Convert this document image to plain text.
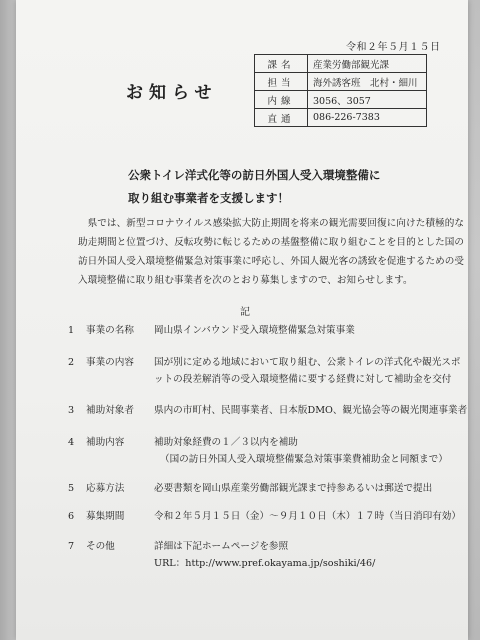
令和２年５月１５日
お知らせ
課名	産業労働部観光課
担当	海外誘客班　北村・細川
内線	3056、3057
直通	086-226-7383
公衆トイレ洋式化等の訪日外国人受入環境整備に
取り組む事業者を支援します！
県では、新型コロナウイルス感染拡大防止期間を将来の観光需要回復に向けた積極的な助走期間と位置づけ、反転攻勢に転じるための基盤整備に取り組むことを目的とした国の訪日外国人受入環境整備緊急対策事業に呼応し、外国人観光客の誘致を促進するための受入環境整備に取り組む事業者を次のとおり募集しますので、お知らせします。
記
1	事業の名称	岡山県インバウンド受入環境整備緊急対策事業
2	事業の内容	国が別に定める地域において取り組む、公衆トイレの洋式化や観光スポ
ットの段差解消等の受入環境整備に要する経費に対して補助金を交付
3	補助対象者	県内の市町村、民間事業者、日本版DMO、観光協会等の観光関連事業者
4	補助内容	補助対象経費の１／３以内を補助
（国の訪日外国人受入環境整備緊急対策事業費補助金と同額まで）
5	応募方法	必要書類を岡山県産業労働部観光課まで持参あるいは郵送で提出
6	募集期間	令和２年５月１５日（金）～９月１０日（木）１７時（当日消印有効）
7	その他	詳細は下記ホームページを参照
URL：http://www.pref.okayama.jp/soshiki/46/
